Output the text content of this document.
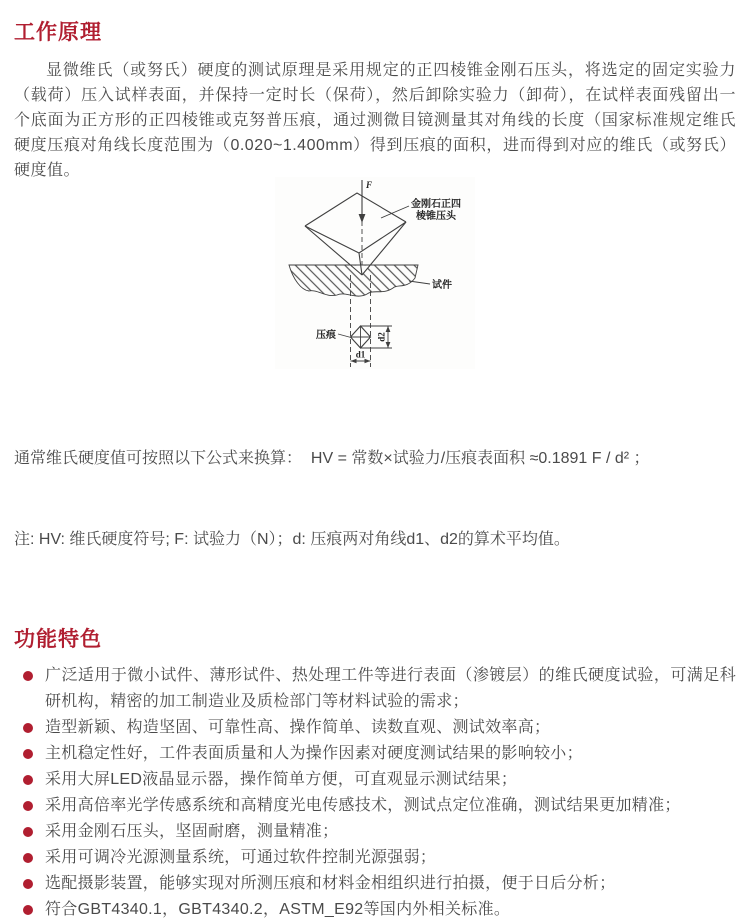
工作原理

显微维氏（或努氏）硬度的测试原理是采用规定的正四棱锥金刚石压头，将选定的固定实验力（载荷）压入试样表面，并保持一定时长（保荷），然后卸除实验力（卸荷），在试样表面残留出一个底面为正方形的正四棱锥或克努普压痕，通过测微目镜测量其对角线的长度（国家标准规定维氏硬度压痕对角线长度范围为（0.020~1.400mm）得到压痕的面积，进而得到对应的维氏（或努氏）硬度值。

F
金刚石正四
棱锥压头
试件
压痕	d2
d1

通常维氏硬度值可按照以下公式来换算：  HV = 常数×试验力/压痕表面积 ≈0.1891 F / d² ；

注: HV: 维氏硬度符号; F: 试验力（N）；d: 压痕两对角线d1、d2的算术平均值。

功能特色
广泛适用于微小试件、薄形试件、热处理工件等进行表面（渗镀层）的维氏硬度试验，可满足科研机构，精密的加工制造业及质检部门等材料试验的需求；
造型新颖、构造坚固、可靠性高、操作简单、读数直观、测试效率高；
主机稳定性好，工件表面质量和人为操作因素对硬度测试结果的影响较小；
采用大屏LED液晶显示器，操作简单方便，可直观显示测试结果；
采用高倍率光学传感系统和高精度光电传感技术，测试点定位准确，测试结果更加精准；
采用金刚石压头，坚固耐磨，测量精准；
采用可调冷光源测量系统，可通过软件控制光源强弱；
选配摄影装置，能够实现对所测压痕和材料金相组织进行拍摄，便于日后分析；
符合GBT4340.1，GBT4340.2，ASTM_E92等国内外相关标准。
